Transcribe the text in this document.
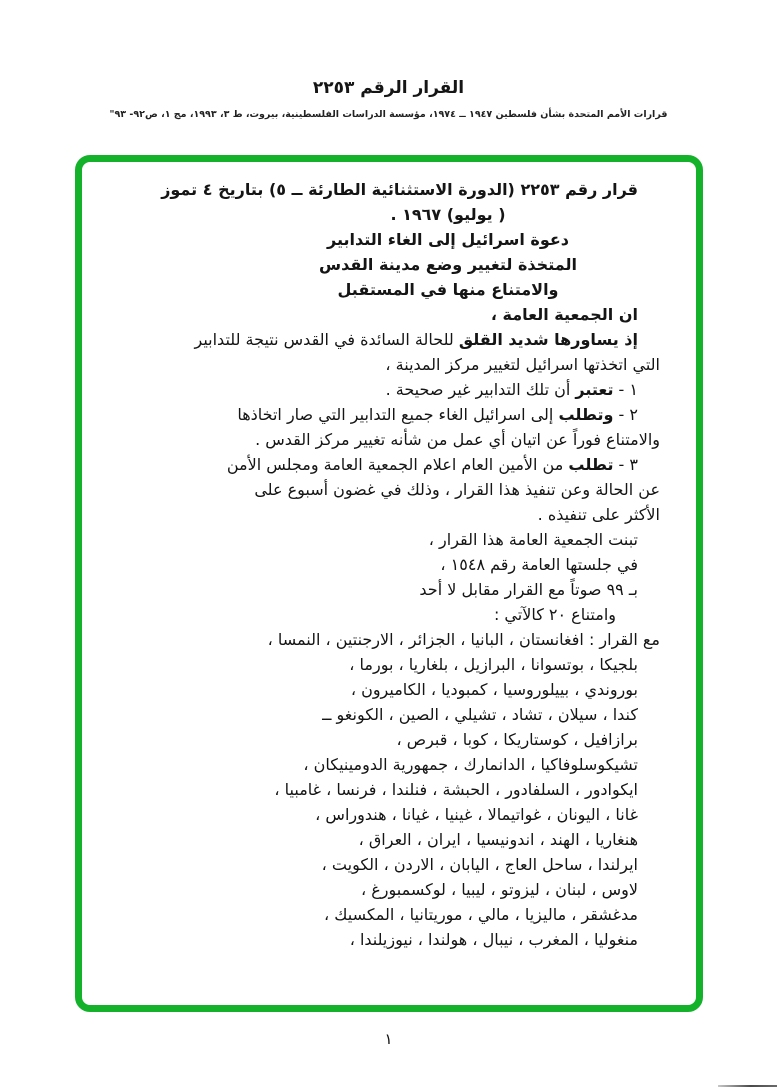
القرار الرقم ٢٢٥٣
قرارات الأمم المتحدة بشأن فلسطين ١٩٤٧ ــ ١٩٧٤، مؤسسة الدراسات الفلسطينية، بيروت، ط ٣، ١٩٩٣، مج ١، ص٩٢- ٩٣"
قرار رقم ٢٢٥٣ (الدورة الاستثنائية الطارئة ــ ٥) بتاريخ ٤ تموز
( يوليو) ١٩٦٧ .
دعوة اسرائيل إلى الغاء التدابير
المتخذة لتغيير وضع مدينة القدس
والامتناع منها في المستقبل
ان الجمعية العامة ،
إذ يساورها شديد القلق للحالة السائدة في القدس نتيجة للتدابير
التي اتخذتها اسرائيل لتغيير مركز المدينة ،
١ - تعتبر أن تلك التدابير غير صحيحة .
٢ - وتطلب إلى اسرائيل الغاء جميع التدابير التي صار اتخاذها
والامتناع فوراً عن اتيان أي عمل من شأنه تغيير مركز القدس .
٣ - تطلب من الأمين العام اعلام الجمعية العامة ومجلس الأمن
عن الحالة وعن تنفيذ هذا القرار ، وذلك في غضون أسبوع على
الأكثر على تنفيذه .
تبنت الجمعية العامة هذا القرار ،
في جلستها العامة رقم ١٥٤٨ ،
بـ ٩٩ صوتاً مع القرار مقابل لا أحد
وامتناع ٢٠ كالآتي :
مع القرار : افغانستان ، البانيا ، الجزائر ، الارجنتين ، النمسا ،
بلجيكا ، بوتسوانا ، البرازيل ، بلغاريا ، بورما ،
بوروندي ، بييلوروسيا ، كمبوديا ، الكاميرون ،
كندا ، سيلان ، تشاد ، تشيلي ، الصين ، الكونغو ــ
برازافيل ، كوستاريكا ، كوبا ، قبرص ،
تشيكوسلوفاكيا ، الدانمارك ، جمهورية الدومينيكان ،
ايكوادور ، السلفادور ، الحبشة ، فنلندا ، فرنسا ، غامبيا ،
غانا ، اليونان ، غواتيمالا ، غينيا ، غيانا ، هندوراس ،
هنغاريا ، الهند ، اندونيسيا ، ايران ، العراق ،
ايرلندا ، ساحل العاج ، اليابان ، الاردن ، الكويت ،
لاوس ، لبنان ، ليزوتو ، ليبيا ، لوكسمبورغ ،
مدغشقر ، ماليزيا ، مالي ، موريتانيا ، المكسيك ،
منغوليا ، المغرب ، نيبال ، هولندا ، نيوزيلندا ،
١
